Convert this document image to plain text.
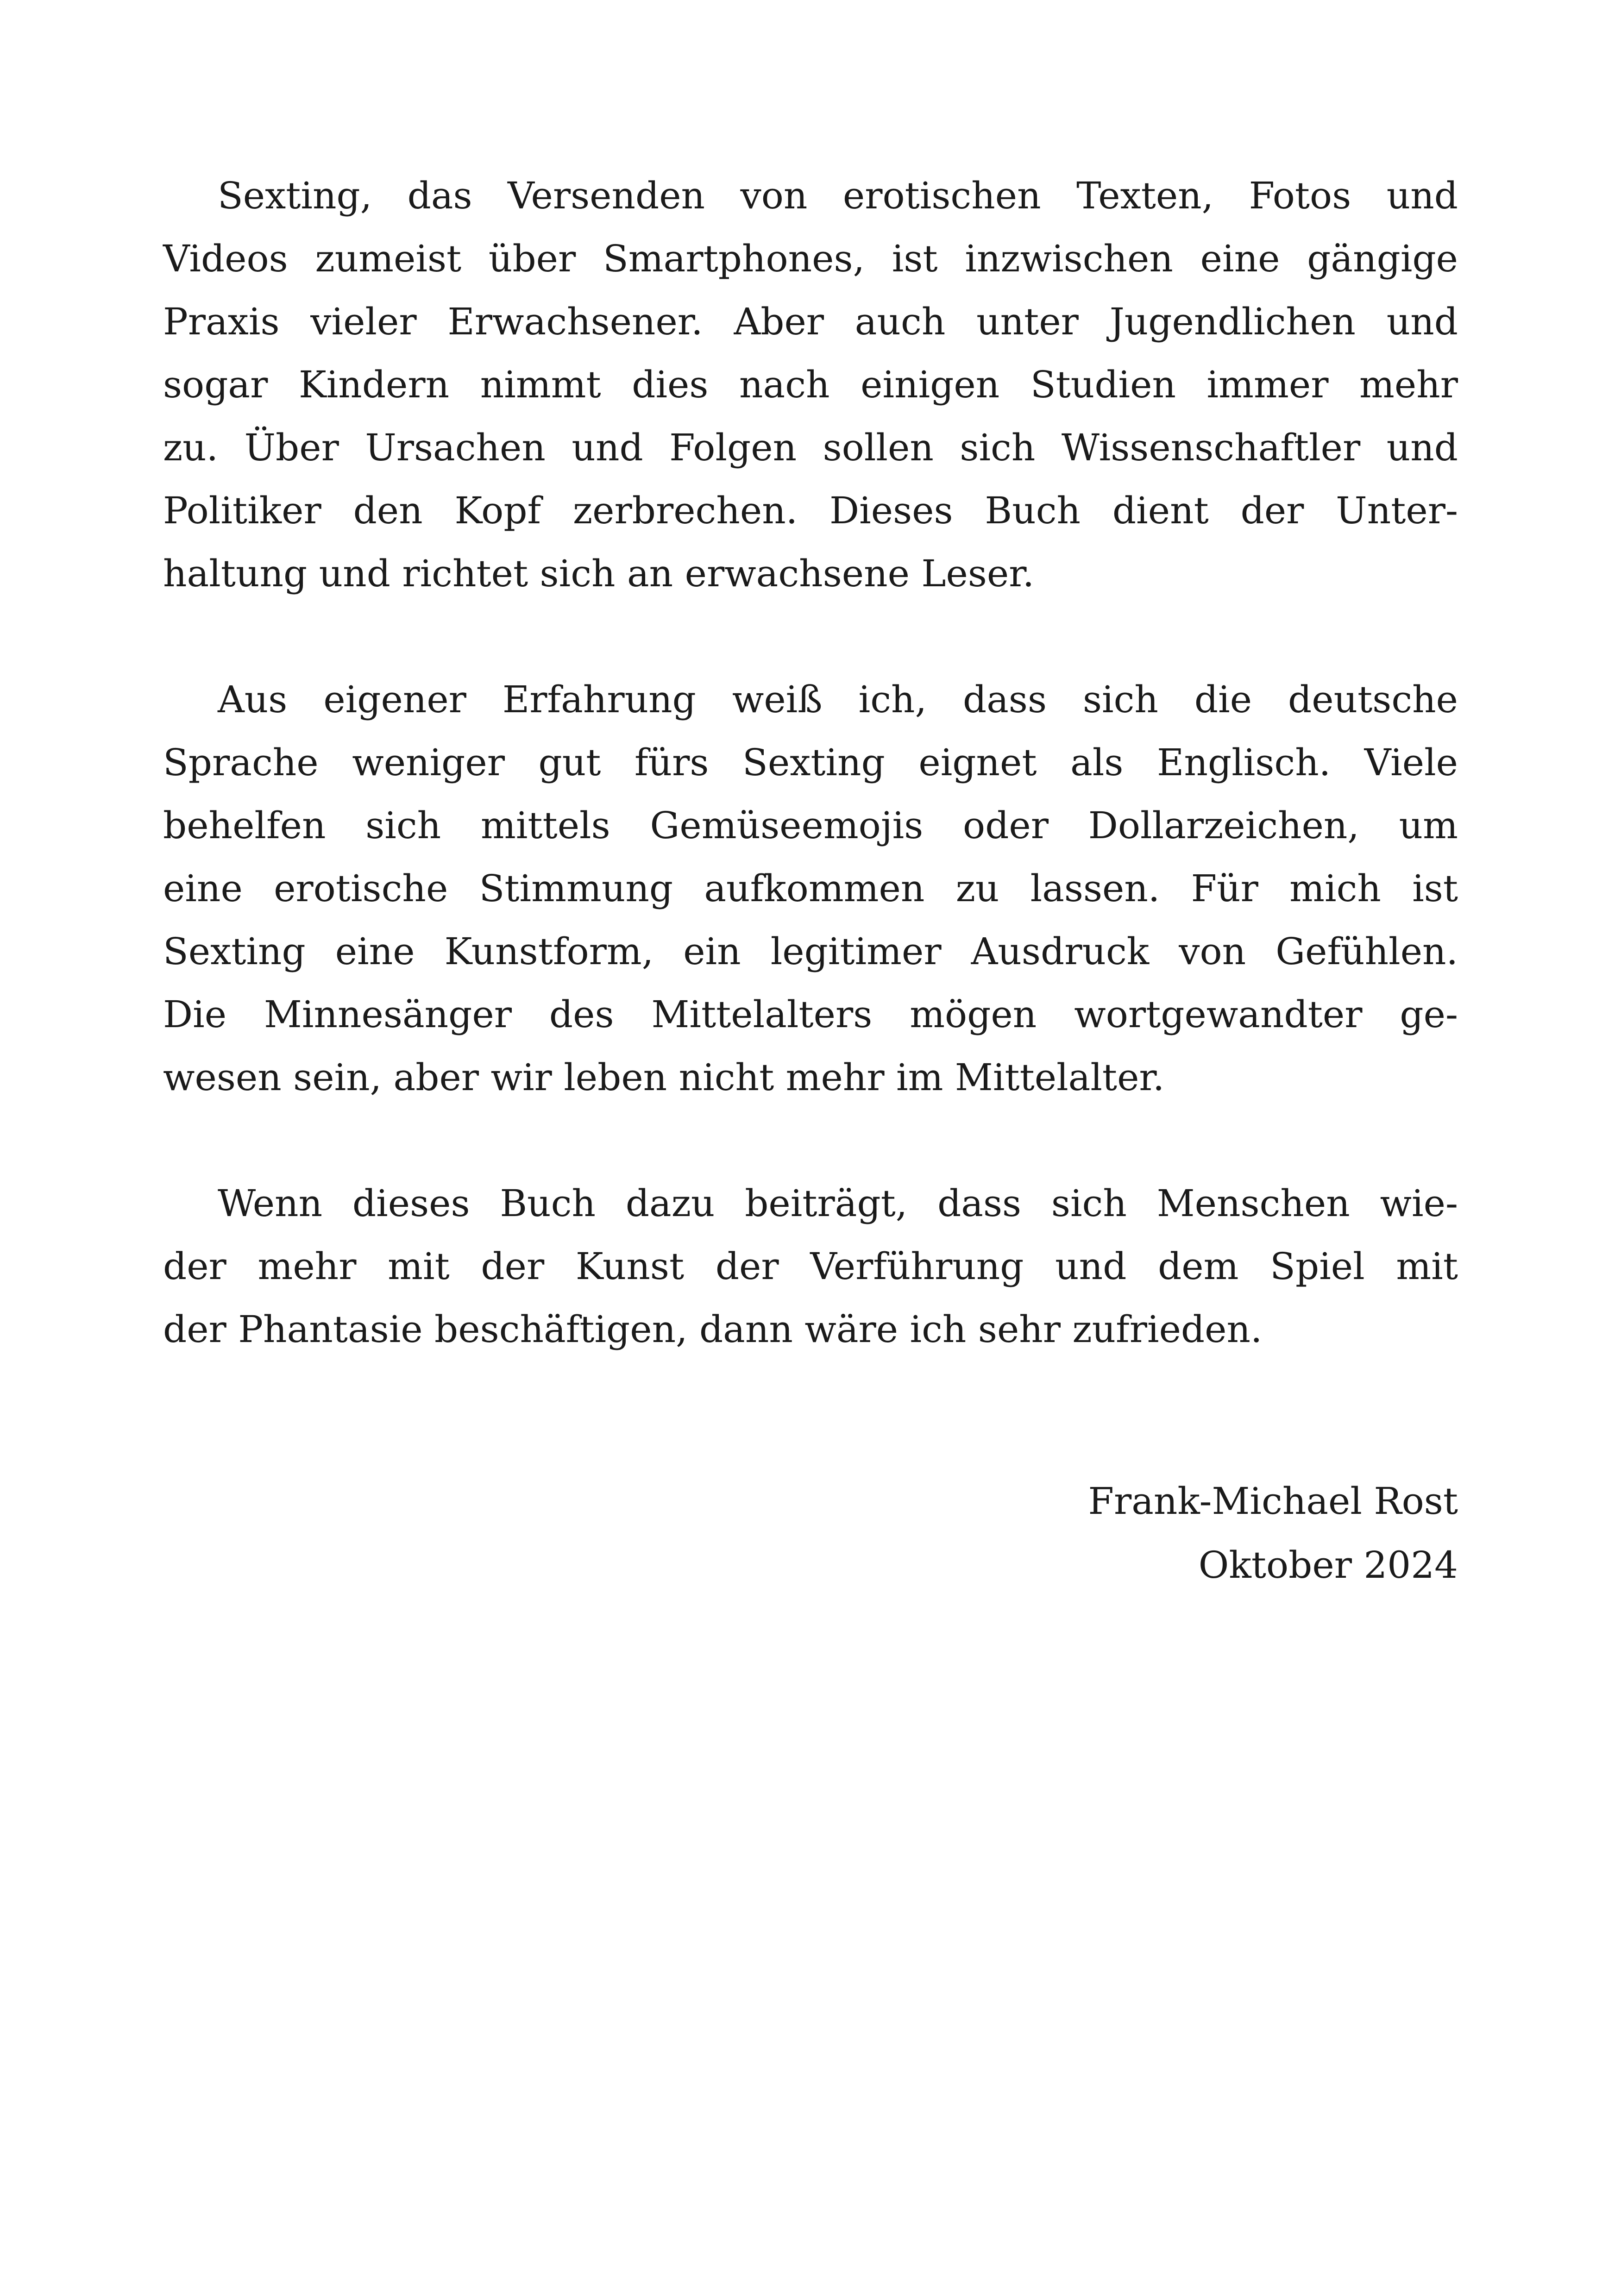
Sexting, das Versenden von erotischen Texten, Fotos und
Videos zumeist über Smartphones, ist inzwischen eine gängige
Praxis vieler Erwachsener. Aber auch unter Jugendlichen und
sogar Kindern nimmt dies nach einigen Studien immer mehr
zu. Über Ursachen und Folgen sollen sich Wissenschaftler und
Politiker den Kopf zerbrechen. Dieses Buch dient der Unter-
haltung und richtet sich an erwachsene Leser.
Aus eigener Erfahrung weiß ich, dass sich die deutsche
Sprache weniger gut fürs Sexting eignet als Englisch. Viele
behelfen sich mittels Gemüseemojis oder Dollarzeichen, um
eine erotische Stimmung aufkommen zu lassen. Für mich ist
Sexting eine Kunstform, ein legitimer Ausdruck von Gefühlen.
Die Minnesänger des Mittelalters mögen wortgewandter ge-
wesen sein, aber wir leben nicht mehr im Mittelalter.
Wenn dieses Buch dazu beiträgt, dass sich Menschen wie-
der mehr mit der Kunst der Verführung und dem Spiel mit
der Phantasie beschäftigen, dann wäre ich sehr zufrieden.
Frank-Michael Rost
Oktober 2024
